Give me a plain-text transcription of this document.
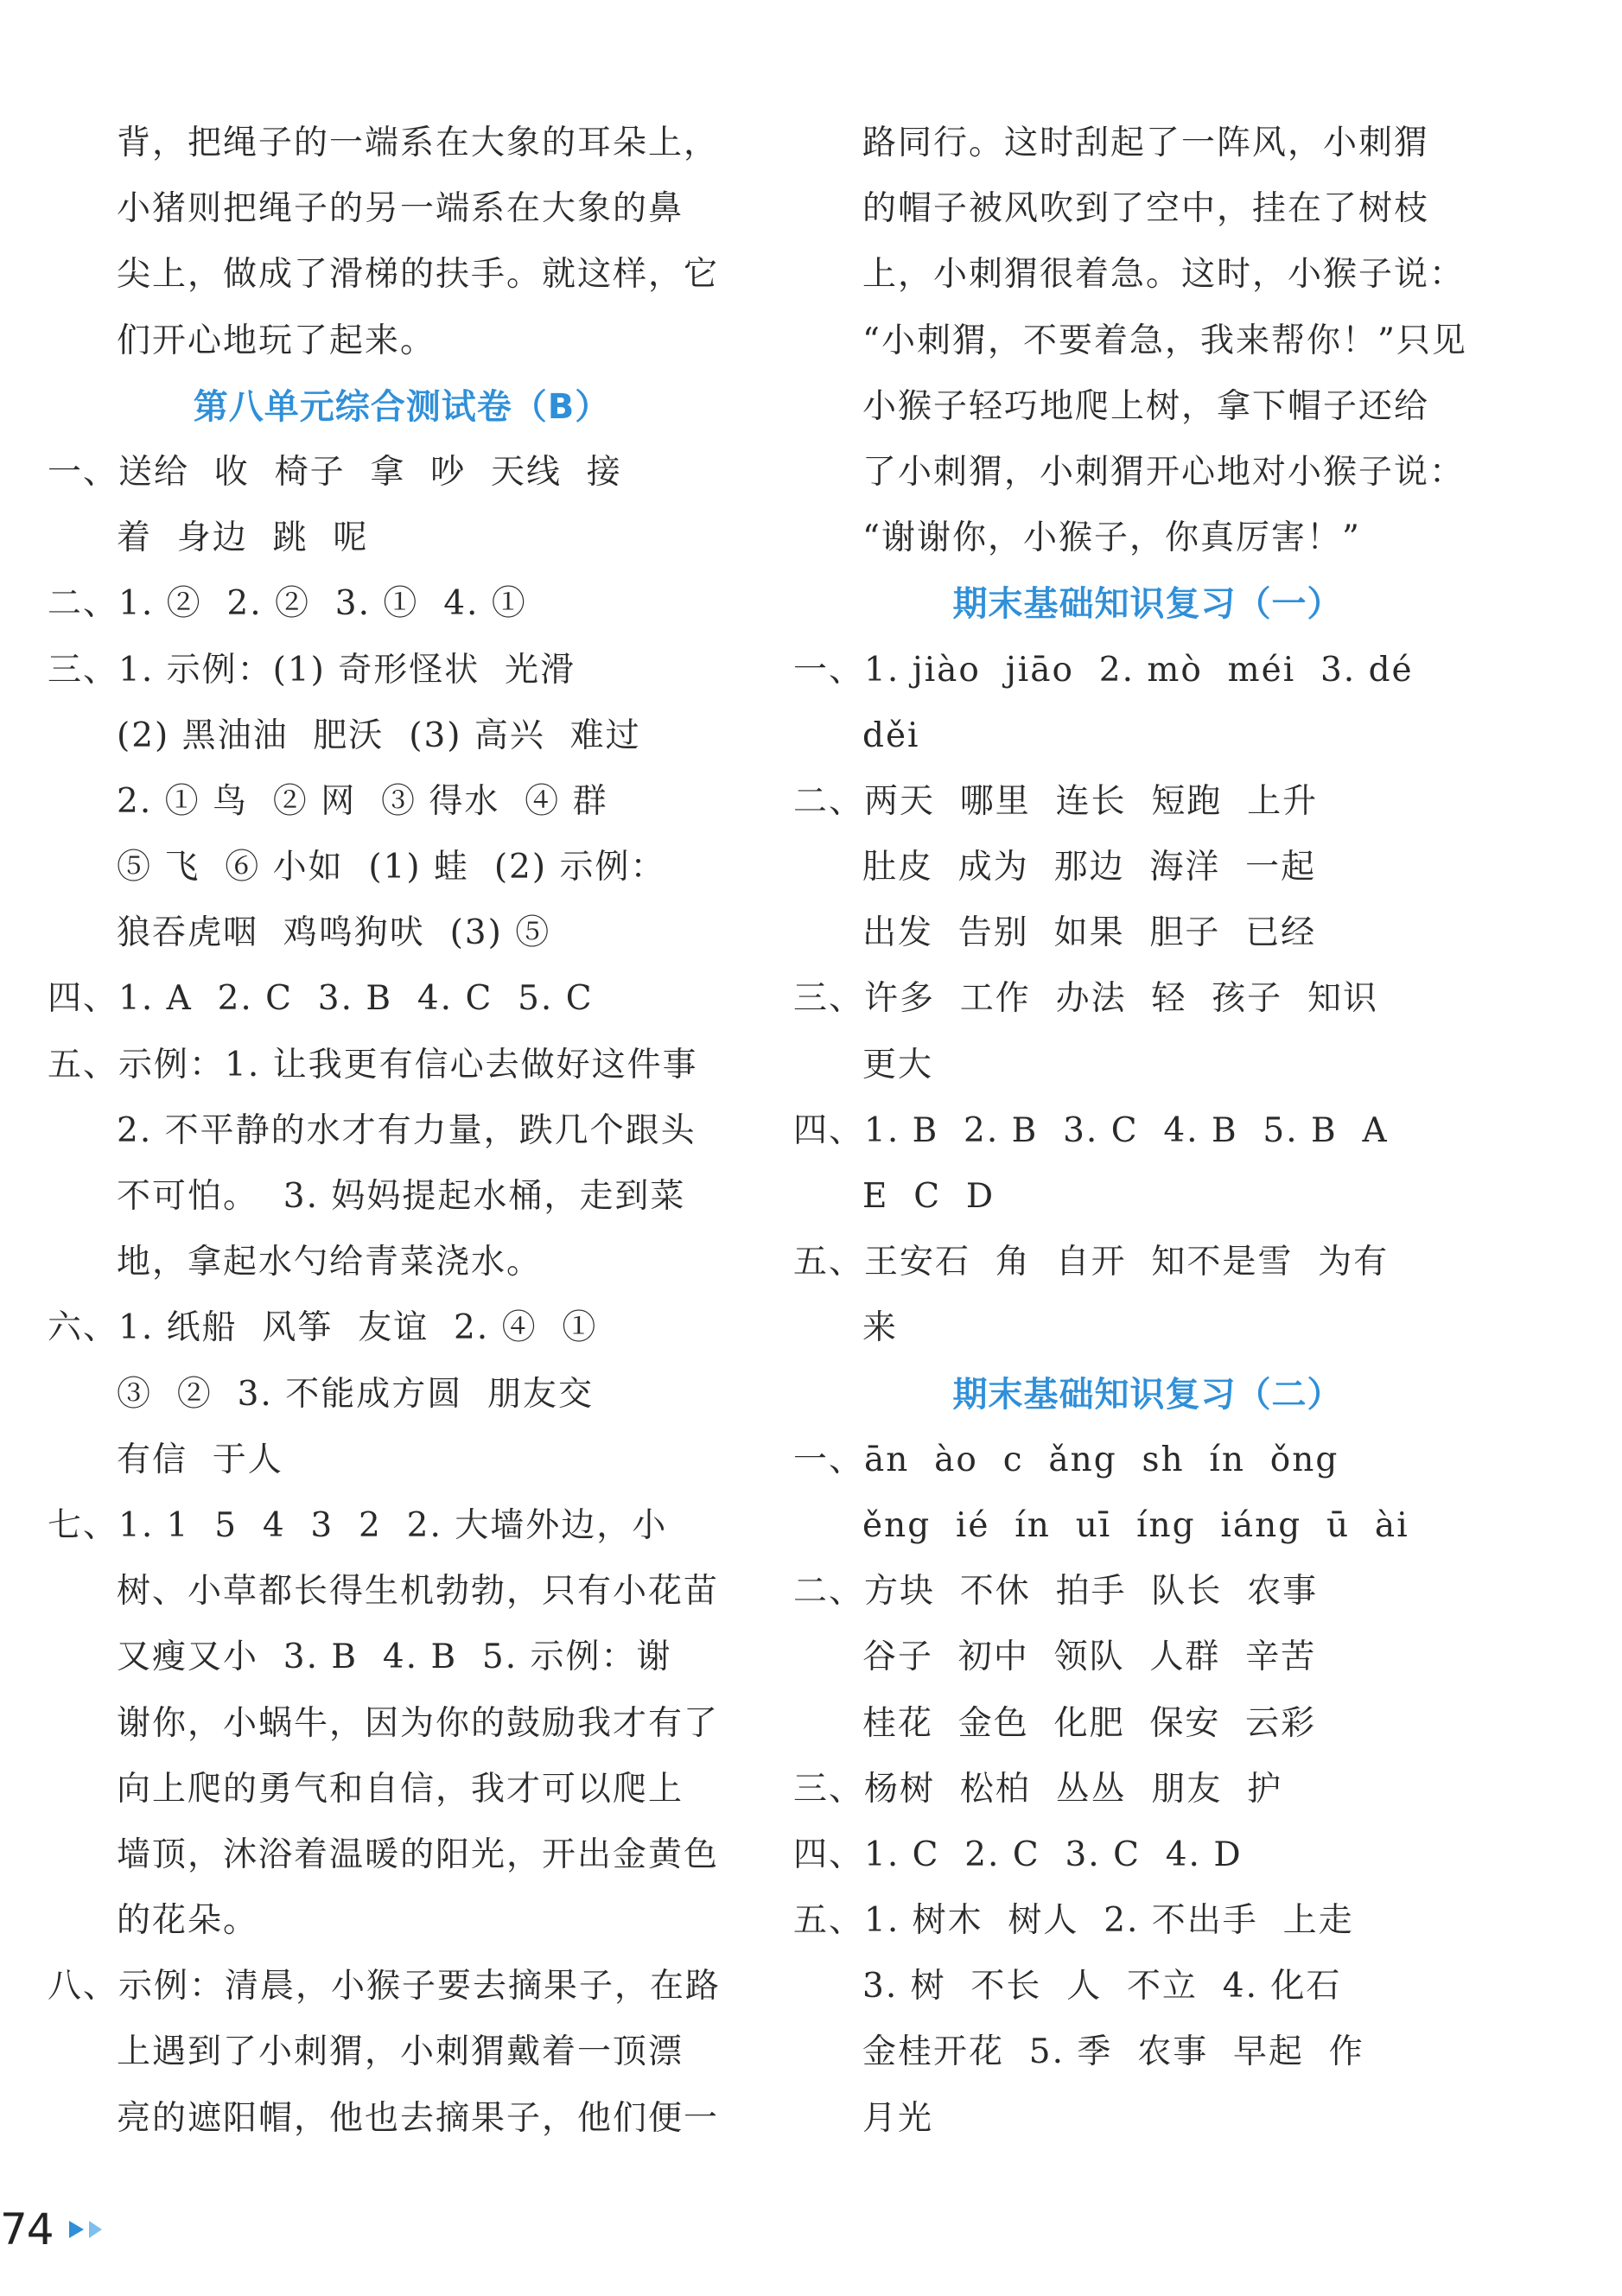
背，把绳子的一端系在大象的耳朵上，
小猪则把绳子的另一端系在大象的鼻
尖上，做成了滑梯的扶手。就这样，它
们开心地玩了起来。
第八单元综合测试卷（B）
一、送给  收  椅子  拿  吵  天线  接
着  身边  跳  呢
二、1. ②  2. ②  3. ①  4. ①
三、1. 示例：(1) 奇形怪状  光滑
(2) 黑油油  肥沃  (3) 高兴  难过
2. ① 鸟  ② 网  ③ 得水  ④ 群
⑤ 飞  ⑥ 小如  (1) 蛙  (2) 示例：
狼吞虎咽  鸡鸣狗吠  (3) ⑤
四、1. A  2. C  3. B  4. C  5. C
五、示例：1. 让我更有信心去做好这件事
2. 不平静的水才有力量，跌几个跟头
不可怕。  3. 妈妈提起水桶，走到菜
地，拿起水勺给青菜浇水。
六、1. 纸船  风筝  友谊  2. ④  ①
③  ②  3. 不能成方圆  朋友交
有信  于人
七、1. 1  5  4  3  2  2. 大墙外边，小
树、小草都长得生机勃勃，只有小花苗
又瘦又小  3. B  4. B  5. 示例：谢
谢你，小蜗牛，因为你的鼓励我才有了
向上爬的勇气和自信，我才可以爬上
墙顶，沐浴着温暖的阳光，开出金黄色
的花朵。
八、示例：清晨，小猴子要去摘果子，在路
上遇到了小刺猬，小刺猬戴着一顶漂
亮的遮阳帽，他也去摘果子，他们便一
路同行。这时刮起了一阵风，小刺猬
的帽子被风吹到了空中，挂在了树枝
上，小刺猬很着急。这时，小猴子说：
“小刺猬，不要着急，我来帮你！”只见
小猴子轻巧地爬上树，拿下帽子还给
了小刺猬，小刺猬开心地对小猴子说：
“谢谢你，小猴子，你真厉害！”
期末基础知识复习（一）
一、1. jiào  jiāo  2. mò  méi  3. dé
děi
二、两天  哪里  连长  短跑  上升
肚皮  成为  那边  海洋  一起
出发  告别  如果  胆子  已经
三、许多  工作  办法  轻  孩子  知识
更大
四、1. B  2. B  3. C  4. B  5. B  A
E  C  D
五、王安石  角  自开  知不是雪  为有
来
期末基础知识复习（二）
一、ān  ào  c  ǎng  sh  ín  ǒng
ěng  ié  ín  uī  íng  iáng  ū  ài
二、方块  不休  拍手  队长  农事
谷子  初中  领队  人群  辛苦
桂花  金色  化肥  保安  云彩
三、杨树  松柏  丛丛  朋友  护
四、1. C  2. C  3. C  4. D
五、1. 树木  树人  2. 不出手  上走
3. 树  不长  人  不立  4. 化石
金桂开花  5. 季  农事  早起  作
月光
74
